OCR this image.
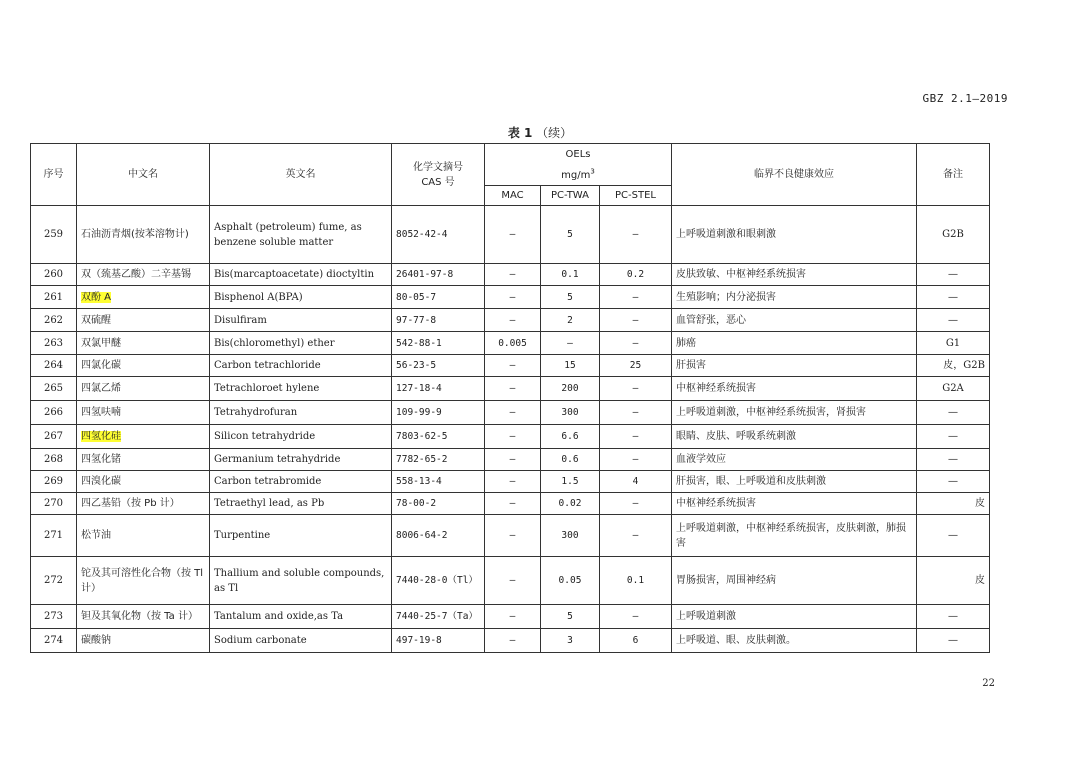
GBZ 2.1—2019
表 1 （续）
序号	中文名	英文名	化学文摘号
CAS 号	OELs			临界不良健康效应	备注
				$mg/m^3$
				MAC	PC-TWA	PC-STEL		
259	石油沥青烟(按苯溶物计)	Asphalt (petroleum) fume, as benzene soluble matter	8052-42-4	—	5	—	上呼吸道刺激和眼刺激	G2B
260	双（巯基乙酸）二辛基锡	Bis(marcaptoacetate) dioctyltin	26401-97-8	—	0.1	0.2	皮肤致敏、中枢神经系统损害	—
261	双酚 A	Bisphenol A(BPA)	80-05-7	—	5	—	生殖影响；内分泌损害	—
262	双硫醒	Disulfiram	97-77-8	—	2	—	血管舒张，恶心	—
263	双氯甲醚	Bis(chloromethyl) ether	542-88-1	0.005	—	—	肺癌	G1
264	四氯化碳	Carbon tetrachloride	56-23-5	—	15	25	肝损害	皮，G2B
265	四氯乙烯	Tetrachloroet hylene	127-18-4	—	200	—	中枢神经系统损害	G2A
266	四氢呋喃	Tetrahydrofuran	109-99-9	—	300	—	上呼吸道刺激，中枢神经系统损害，肾损害	—
267	四氢化硅	Silicon tetrahydride	7803-62-5	—	6.6	—	眼睛、皮肤、呼吸系统刺激	—
268	四氢化锗	Germanium tetrahydride	7782-65-2	—	0.6	—	血液学效应	—
269	四溴化碳	Carbon tetrabromide	558-13-4	—	1.5	4	肝损害，眼、上呼吸道和皮肤刺激	—
270	四乙基铅（按 Pb 计）	Tetraethyl lead, as Pb	78-00-2	—	0.02	—	中枢神经系统损害	皮
271	松节油	Turpentine	8006-64-2	—	300	—	上呼吸道刺激，中枢神经系统损害，皮肤刺激，肺损害	—
272	铊及其可溶性化合物（按 Tl 计）	Thallium and soluble compounds, as Tl	7440-28-0（Tl）	—	0.05	0.1	胃肠损害，周围神经病	皮
273	钽及其氧化物（按 Ta 计）	Tantalum and oxide,as Ta	7440-25-7（Ta）	—	5	—	上呼吸道刺激	—
274	碳酸钠	Sodium carbonate	497-19-8	—	3	6	上呼吸道、眼、皮肤刺激。	—
22
